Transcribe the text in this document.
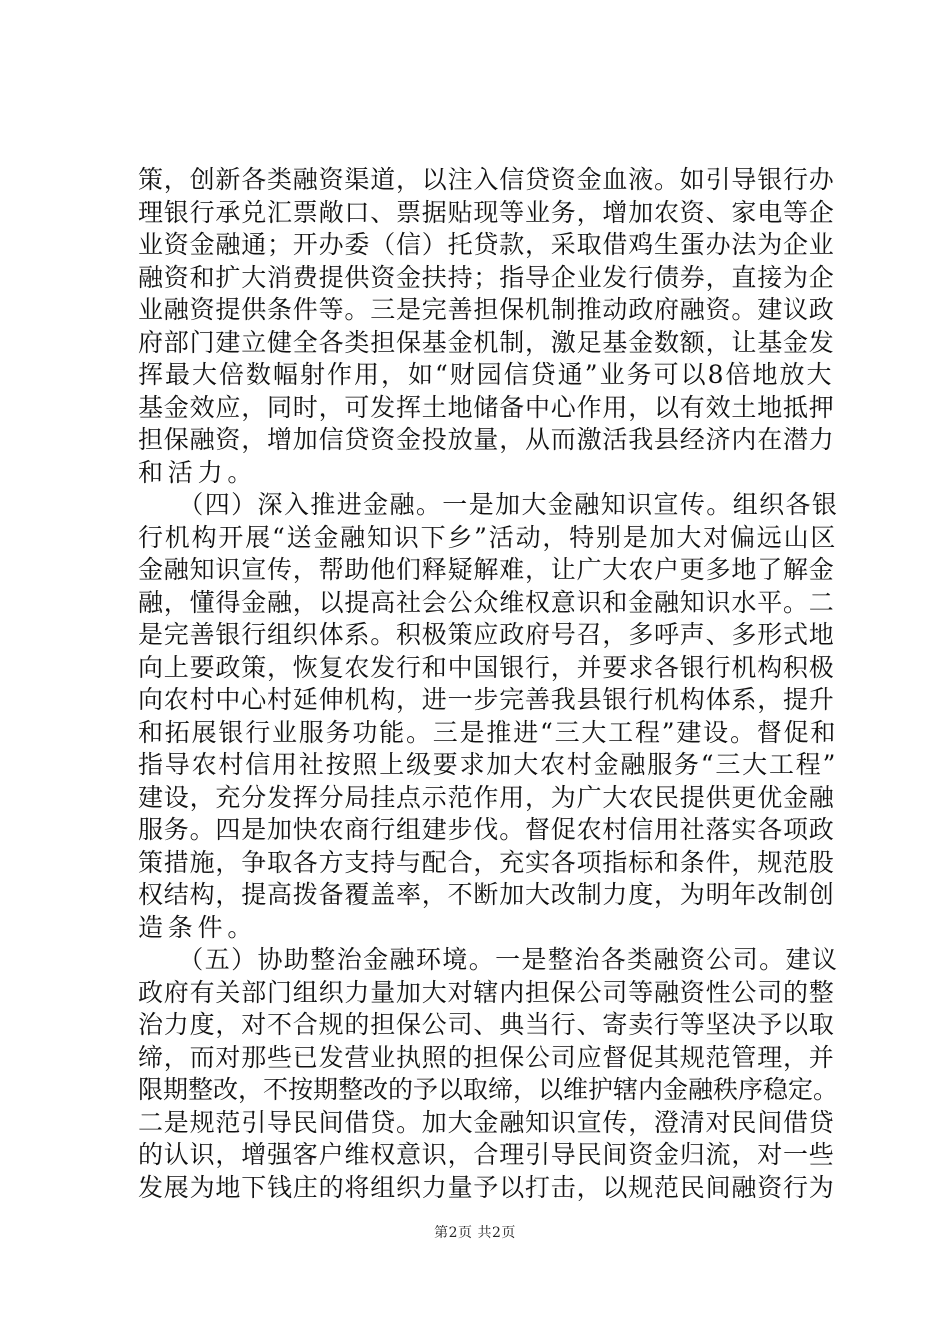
策，创新各类融资渠道，以注入信贷资金血液。如引导银行办
理银行承兑汇票敞口、票据贴现等业务，增加农资、家电等企
业资金融通；开办委（信）托贷款，采取借鸡生蛋办法为企业
融资和扩大消费提供资金扶持；指导企业发行债券，直接为企
业融资提供条件等。三是完善担保机制推动政府融资。建议政
府部门建立健全各类担保基金机制，激足基金数额，让基金发
挥最大倍数幅射作用，如“财园信贷通”业务可以8倍地放大
基金效应，同时，可发挥土地储备中心作用，以有效土地抵押
担保融资，增加信贷资金投放量，从而激活我县经济内在潜力
和活力。
　　（四）深入推进金融。一是加大金融知识宣传。组织各银
行机构开展“送金融知识下乡”活动，特别是加大对偏远山区
金融知识宣传，帮助他们释疑解难，让广大农户更多地了解金
融，懂得金融，以提高社会公众维权意识和金融知识水平。二
是完善银行组织体系。积极策应政府号召，多呼声、多形式地
向上要政策，恢复农发行和中国银行，并要求各银行机构积极
向农村中心村延伸机构，进一步完善我县银行机构体系，提升
和拓展银行业服务功能。三是推进“三大工程”建设。督促和
指导农村信用社按照上级要求加大农村金融服务“三大工程”
建设，充分发挥分局挂点示范作用，为广大农民提供更优金融
服务。四是加快农商行组建步伐。督促农村信用社落实各项政
策措施，争取各方支持与配合，充实各项指标和条件，规范股
权结构，提高拨备覆盖率，不断加大改制力度，为明年改制创
造条件。
　　（五）协助整治金融环境。一是整治各类融资公司。建议
政府有关部门组织力量加大对辖内担保公司等融资性公司的整
治力度，对不合规的担保公司、典当行、寄卖行等坚决予以取
缔，而对那些已发营业执照的担保公司应督促其规范管理，并
限期整改，不按期整改的予以取缔，以维护辖内金融秩序稳定。
二是规范引导民间借贷。加大金融知识宣传，澄清对民间借贷
的认识，增强客户维权意识，合理引导民间资金归流，对一些
发展为地下钱庄的将组织力量予以打击，以规范民间融资行为
第2页 共2页
